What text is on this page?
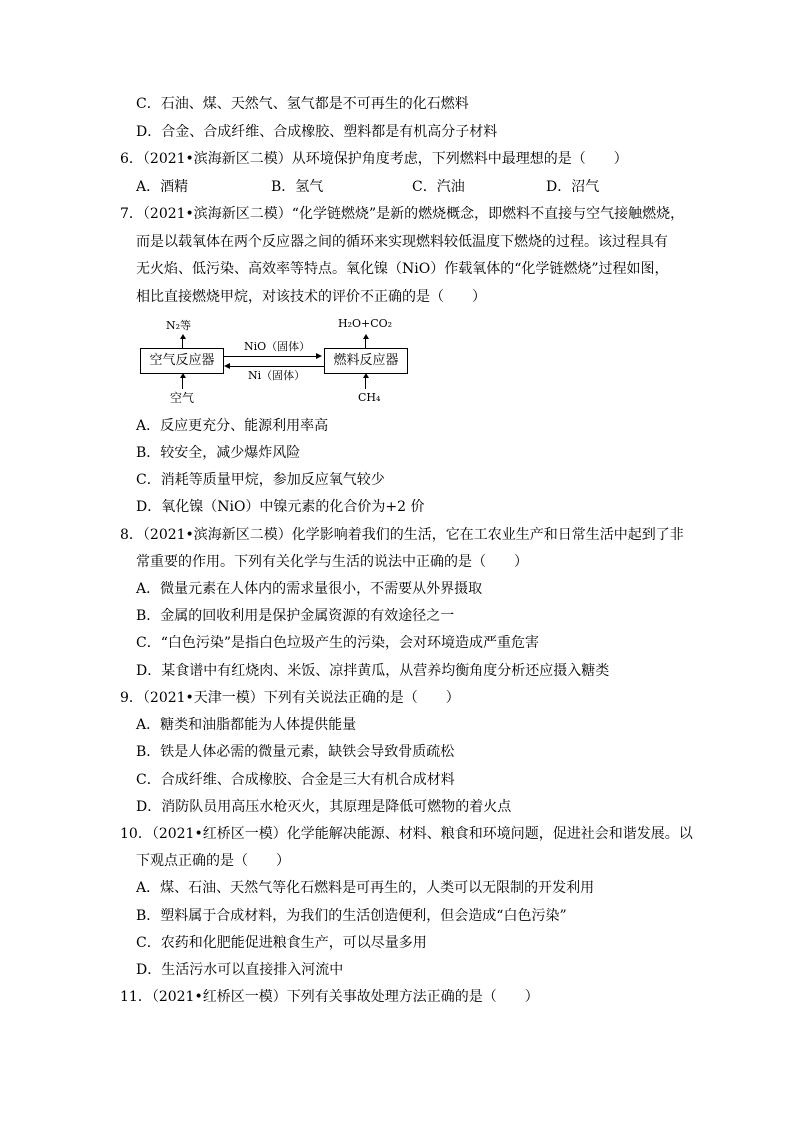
C．石油、煤、天然气、氢气都是不可再生的化石燃料
D．合金、合成纤维、合成橡胶、塑料都是有机高分子材料
6．（2021•滨海新区二模）从环境保护角度考虑，下列燃料中最理想的是（　　）
A．酒精	B．氢气	C．汽油	D．沼气
7．（2021•滨海新区二模）“化学链燃烧”是新的燃烧概念，即燃料不直接与空气接触燃烧，
而是以载氧体在两个反应器之间的循环来实现燃料较低温度下燃烧的过程。该过程具有
无火焰、低污染、高效率等特点。氧化镍（NiO）作载氧体的“化学链燃烧”过程如图，
相比直接燃烧甲烷，对该技术的评价不正确的是（　　）
N₂等	H₂O+CO₂
空气反应器	燃料反应器
NiO（固体）
Ni（固体）
空气	CH₄
A．反应更充分、能源利用率高
B．较安全，减少爆炸风险
C．消耗等质量甲烷，参加反应氧气较少
D．氧化镍（NiO）中镍元素的化合价为+2 价
8．（2021•滨海新区二模）化学影响着我们的生活，它在工农业生产和日常生活中起到了非
常重要的作用。下列有关化学与生活的说法中正确的是（　　）
A．微量元素在人体内的需求量很小，不需要从外界摄取
B．金属的回收利用是保护金属资源的有效途径之一
C．“白色污染”是指白色垃圾产生的污染，会对环境造成严重危害
D．某食谱中有红烧肉、米饭、凉拌黄瓜，从营养均衡角度分析还应摄入糖类
9．（2021•天津一模）下列有关说法正确的是（　　）
A．糖类和油脂都能为人体提供能量
B．铁是人体必需的微量元素，缺铁会导致骨质疏松
C．合成纤维、合成橡胶、合金是三大有机合成材料
D．消防队员用高压水枪灭火，其原理是降低可燃物的着火点
10．（2021•红桥区一模）化学能解决能源、材料、粮食和环境问题，促进社会和谐发展。以
下观点正确的是（　　）
A．煤、石油、天然气等化石燃料是可再生的，人类可以无限制的开发利用
B．塑料属于合成材料，为我们的生活创造便利，但会造成“白色污染”
C．农药和化肥能促进粮食生产，可以尽量多用
D．生活污水可以直接排入河流中
11．（2021•红桥区一模）下列有关事故处理方法正确的是（　　）
